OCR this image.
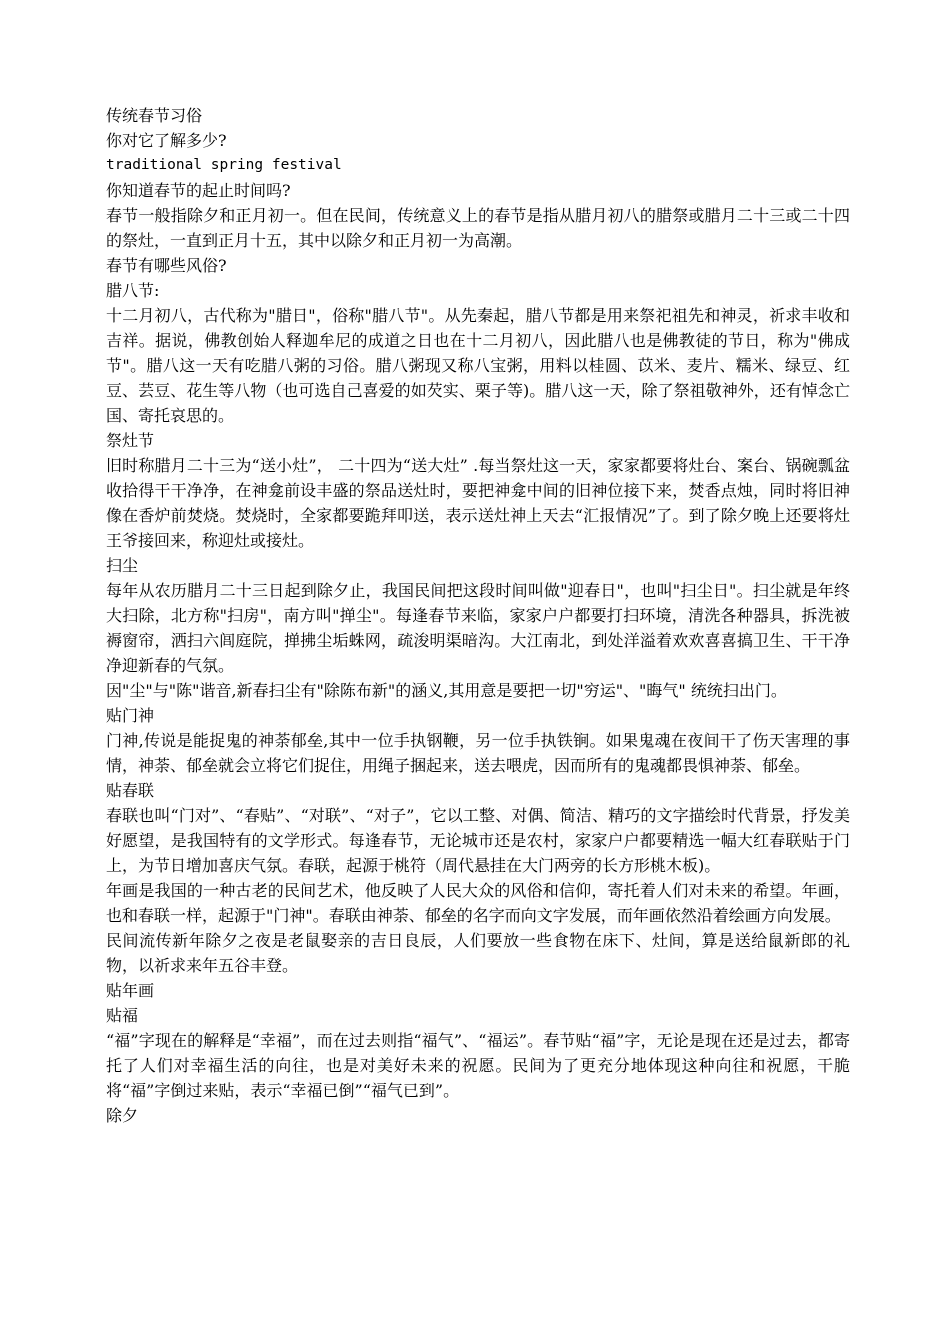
传统春节习俗

你对它了解多少?

traditional spring festival

你知道春节的起止时间吗?

春节一般指除夕和正月初一。但在民间，传统意义上的春节是指从腊月初八的腊祭或腊月二十三或二十四的祭灶，一直到正月十五，其中以除夕和正月初一为高潮。

春节有哪些风俗?

腊八节:

十二月初八，古代称为"腊日"，俗称"腊八节"。从先秦起，腊八节都是用来祭祀祖先和神灵，祈求丰收和吉祥。据说，佛教创始人释迦牟尼的成道之日也在十二月初八，因此腊八也是佛教徒的节日，称为"佛成节"。腊八这一天有吃腊八粥的习俗。腊八粥现又称八宝粥，用料以桂圆、苡米、麦片、糯米、绿豆、红豆、芸豆、花生等八物（也可选自己喜爱的如芡实、栗子等)。腊八这一天，除了祭祖敬神外，还有悼念亡国、寄托哀思的。

祭灶节

旧时称腊月二十三为“送小灶”， 二十四为“送大灶” .每当祭灶这一天，家家都要将灶台、案台、锅碗瓢盆收拾得干干净净，在神龛前设丰盛的祭品送灶时，要把神龛中间的旧神位接下来，焚香点烛，同时将旧神像在香炉前焚烧。焚烧时，全家都要跪拜叩送，表示送灶神上天去“汇报情况”了。到了除夕晚上还要将灶王爷接回来，称迎灶或接灶。

扫尘

每年从农历腊月二十三日起到除夕止，我国民间把这段时间叫做"迎春日"，也叫"扫尘日"。扫尘就是年终大扫除，北方称"扫房"，南方叫"掸尘"。每逢春节来临，家家户户都要打扫环境，清洗各种器具，拆洗被褥窗帘，洒扫六闾庭院，掸拂尘垢蛛网，疏浚明渠暗沟。大江南北，到处洋溢着欢欢喜喜搞卫生、干干净净迎新春的气氛。

因"尘"与"陈"谐音,新春扫尘有"除陈布新"的涵义,其用意是要把一切"穷运"、"晦气" 统统扫出门。

贴门神

门神,传说是能捉鬼的神荼郁垒,其中一位手执钢鞭，另一位手执铁锏。如果鬼魂在夜间干了伤天害理的事情，神荼、郁垒就会立将它们捉住，用绳子捆起来，送去喂虎，因而所有的鬼魂都畏惧神荼、郁垒。

贴春联

春联也叫“门对”、“春贴”、“对联”、“对子”，它以工整、对偶、简洁、精巧的文字描绘时代背景，抒发美好愿望，是我国特有的文学形式。每逢春节，无论城市还是农村，家家户户都要精选一幅大红春联贴于门上，为节日增加喜庆气氛。春联，起源于桃符（周代悬挂在大门两旁的长方形桃木板)。

年画是我国的一种古老的民间艺术，他反映了人民大众的风俗和信仰，寄托着人们对未来的希望。年画，也和春联一样，起源于"门神"。春联由神荼、郁垒的名字而向文字发展，而年画依然沿着绘画方向发展。

民间流传新年除夕之夜是老鼠娶亲的吉日良辰，人们要放一些食物在床下、灶间，算是送给鼠新郎的礼物，以祈求来年五谷丰登。

贴年画

贴福

“福”字现在的解释是“幸福”，而在过去则指“福气”、“福运”。春节贴“福”字，无论是现在还是过去，都寄托了人们对幸福生活的向往，也是对美好未来的祝愿。民间为了更充分地体现这种向往和祝愿，干脆将“福”字倒过来贴，表示“幸福已倒”“福气已到”。

除夕
